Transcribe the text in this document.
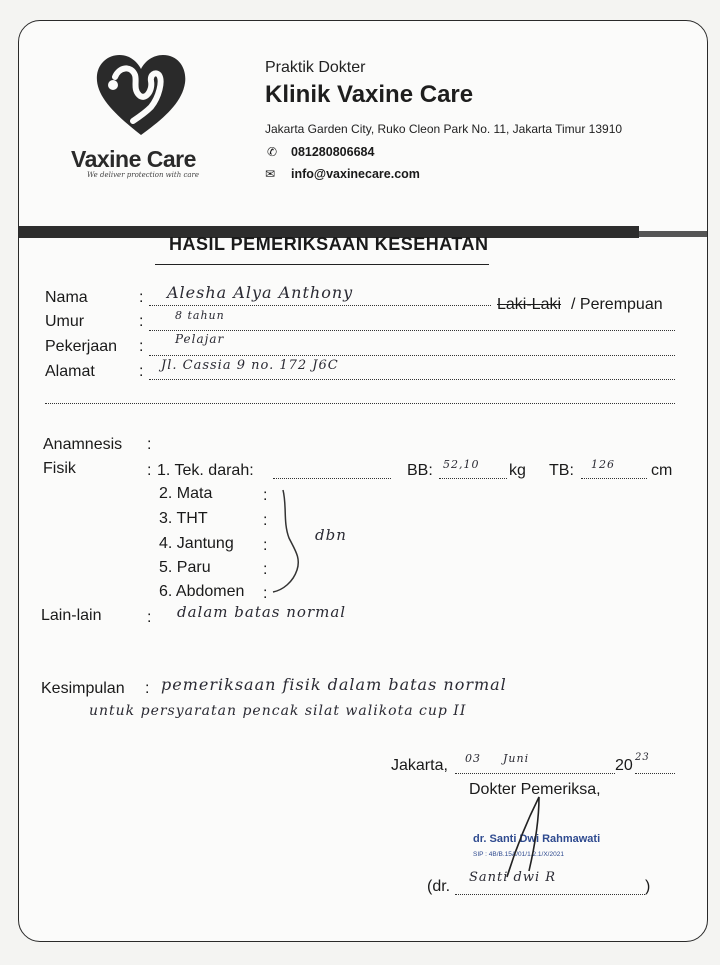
Vaxine Care
We deliver protection with care
Praktik Dokter
Klinik Vaxine Care
Jakarta Garden City, Ruko Cleon Park No. 11, Jakarta Timur 13910
✆ 081280806684
✉ info@vaxinecare.com
HASIL PEMERIKSAAN KESEHATAN
Nama	: Alesha Alya Anthony
Laki-Laki / Perempuan
Umur	:	8 tahun
Pekerjaan :	Pelajar
Alamat	: Jl. Cassia 9 no. 172 J6C
Anamnesis :
Fisik	: 1. Tek. darah:	BB: 52,10 kg TB: 126 cm
2. Mata	:
3. THT	:
4. Jantung :
5. Paru	:
6. Abdomen :
dbn
Lain-lain	: dalam batas normal
Kesimpulan : pemeriksaan fisik dalam batas normal
untuk persyaratan pencak silat walikota cup II
Jakarta, 03 Juni	20 23
Dokter Pemeriksa,
dr. Santi Dwi Rahmawati
SIP : 4B/B.15A/01/1.2.1/X/2021
(dr.
Santi dwi R
)
